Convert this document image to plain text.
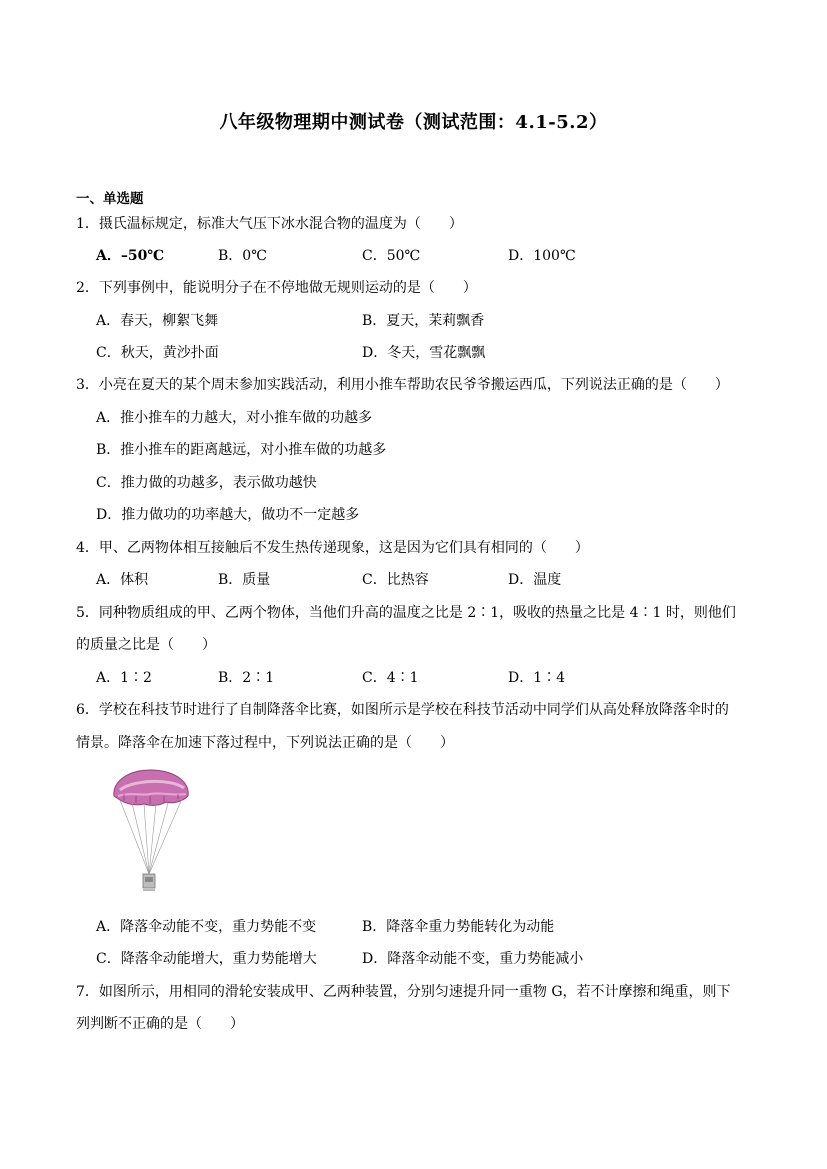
八年级物理期中测试卷（测试范围：4.1-5.2）
一、单选题
1．摄氏温标规定，标准大气压下冰水混合物的温度为（　　）
A．–50℃	B．0℃	C．50℃	D．100℃
2．下列事例中，能说明分子在不停地做无规则运动的是（　　）
A．春天，柳絮飞舞	B．夏天，茉莉飘香
C．秋天，黄沙扑面	D．冬天，雪花飘飘
3．小亮在夏天的某个周末参加实践活动，利用小推车帮助农民爷爷搬运西瓜，下列说法正确的是（　　）
A．推小推车的力越大，对小推车做的功越多
B．推小推车的距离越远，对小推车做的功越多
C．推力做的功越多，表示做功越快
D．推力做功的功率越大，做功不一定越多
4．甲、乙两物体相互接触后不发生热传递现象，这是因为它们具有相同的（　　）
A．体积	B．质量	C．比热容	D．温度
5．同种物质组成的甲、乙两个物体，当他们升高的温度之比是 2∶1，吸收的热量之比是 4∶1 时，则他们
的质量之比是（　　）
A．1∶2	B．2∶1	C．4∶1	D．1∶4
6．学校在科技节时进行了自制降落伞比赛，如图所示是学校在科技节活动中同学们从高处释放降落伞时的
情景。降落伞在加速下落过程中，下列说法正确的是（　　）
A．降落伞动能不变，重力势能不变	B．降落伞重力势能转化为动能
C．降落伞动能增大，重力势能增大	D．降落伞动能不变，重力势能减小
7．如图所示，用相同的滑轮安装成甲、乙两种装置，分别匀速提升同一重物 G，若不计摩擦和绳重，则下
列判断不正确的是（　　）
